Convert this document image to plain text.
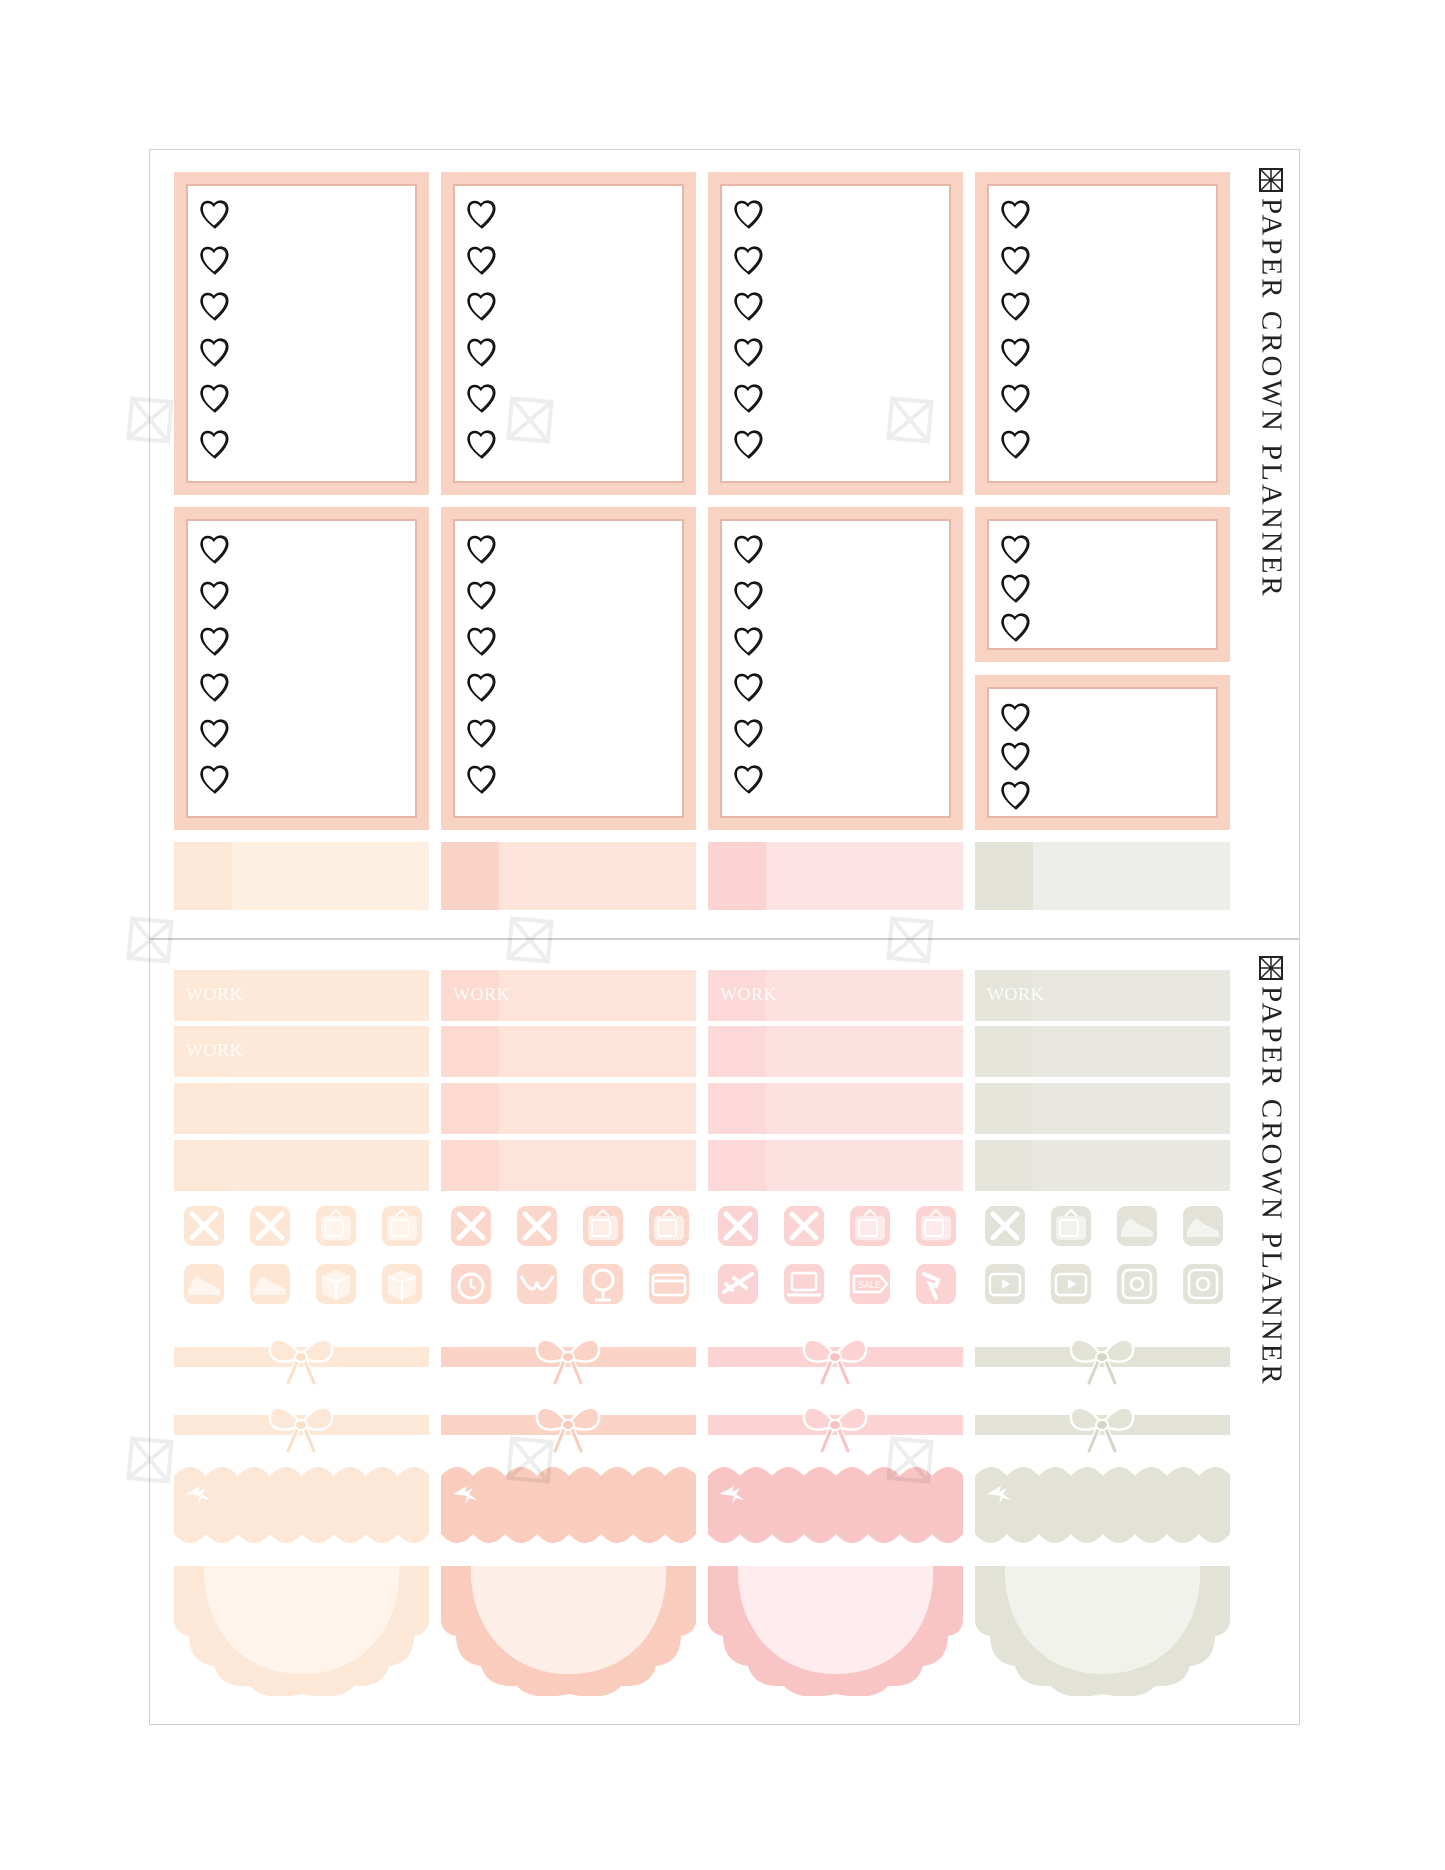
PAPER CROWN PLANNER
PAPER CROWN PLANNER
WORK
WORK
WORK	WORK	WORK
SALE
